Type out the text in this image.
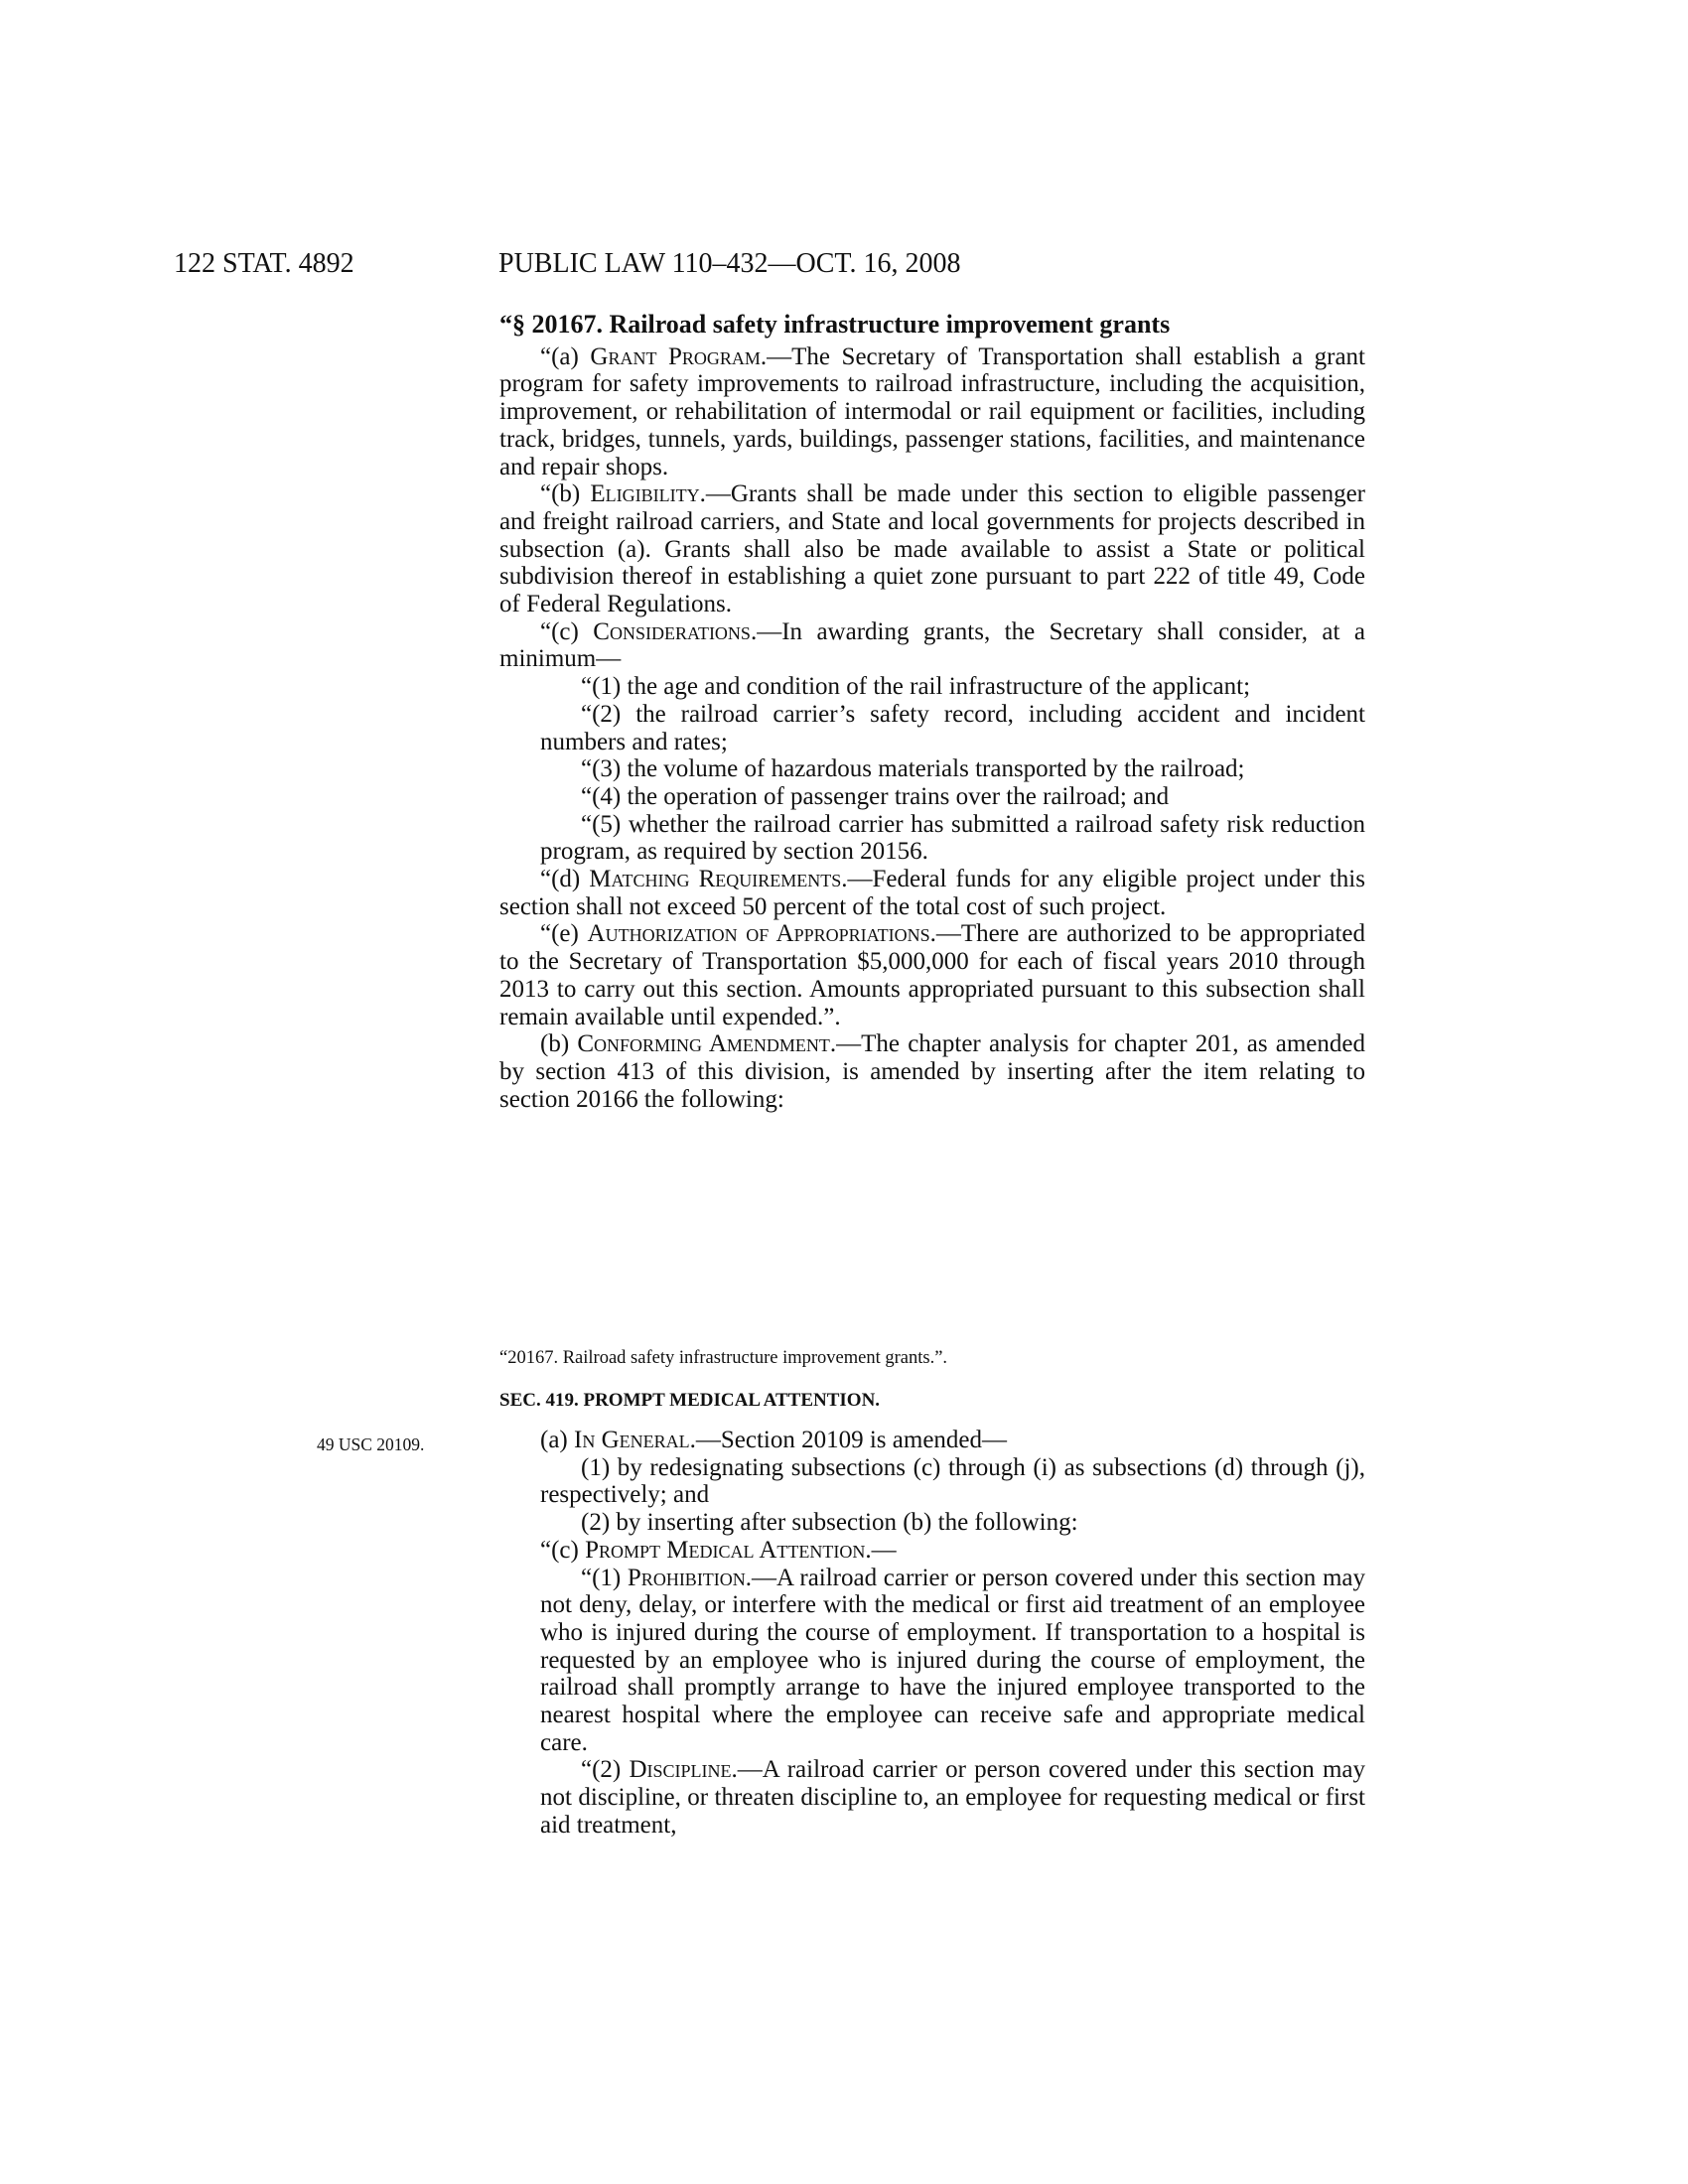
122 STAT. 4892	PUBLIC LAW 110–432—OCT. 16, 2008

“§ 20167. Railroad safety infrastructure improvement grants

“(a) Grant Program.—The Secretary of Transportation shall establish a grant program for safety improvements to railroad infrastructure, including the acquisition, improvement, or rehabilitation of intermodal or rail equipment or facilities, including track, bridges, tunnels, yards, buildings, passenger stations, facilities, and maintenance and repair shops.

“(b) Eligibility.—Grants shall be made under this section to eligible passenger and freight railroad carriers, and State and local governments for projects described in subsection (a). Grants shall also be made available to assist a State or political subdivision thereof in establishing a quiet zone pursuant to part 222 of title 49, Code of Federal Regulations.

“(c) Considerations.—In awarding grants, the Secretary shall consider, at a minimum—

“(1) the age and condition of the rail infrastructure of the applicant;

“(2) the railroad carrier’s safety record, including accident and incident numbers and rates;

“(3) the volume of hazardous materials transported by the railroad;

“(4) the operation of passenger trains over the railroad; and

“(5) whether the railroad carrier has submitted a railroad safety risk reduction program, as required by section 20156.

“(d) Matching Requirements.—Federal funds for any eligible project under this section shall not exceed 50 percent of the total cost of such project.

“(e) Authorization of Appropriations.—There are authorized to be appropriated to the Secretary of Transportation $5,000,000 for each of fiscal years 2010 through 2013 to carry out this section. Amounts appropriated pursuant to this subsection shall remain available until expended.”.

(b) Conforming Amendment.—The chapter analysis for chapter 201, as amended by section 413 of this division, is amended by inserting after the item relating to section 20166 the following:

“20167. Railroad safety infrastructure improvement grants.”.
SEC. 419. PROMPT MEDICAL ATTENTION.
49 USC 20109.	(a) In General.—Section 20109 is amended—

(1) by redesignating subsections (c) through (i) as subsections (d) through (j), respectively; and

(2) by inserting after subsection (b) the following:

“(c) Prompt Medical Attention.—

“(1) Prohibition.—A railroad carrier or person covered under this section may not deny, delay, or interfere with the medical or first aid treatment of an employee who is injured during the course of employment. If transportation to a hospital is requested by an employee who is injured during the course of employment, the railroad shall promptly arrange to have the injured employee transported to the nearest hospital where the employee can receive safe and appropriate medical care.

“(2) Discipline.—A railroad carrier or person covered under this section may not discipline, or threaten discipline to, an employee for requesting medical or first aid treatment,
